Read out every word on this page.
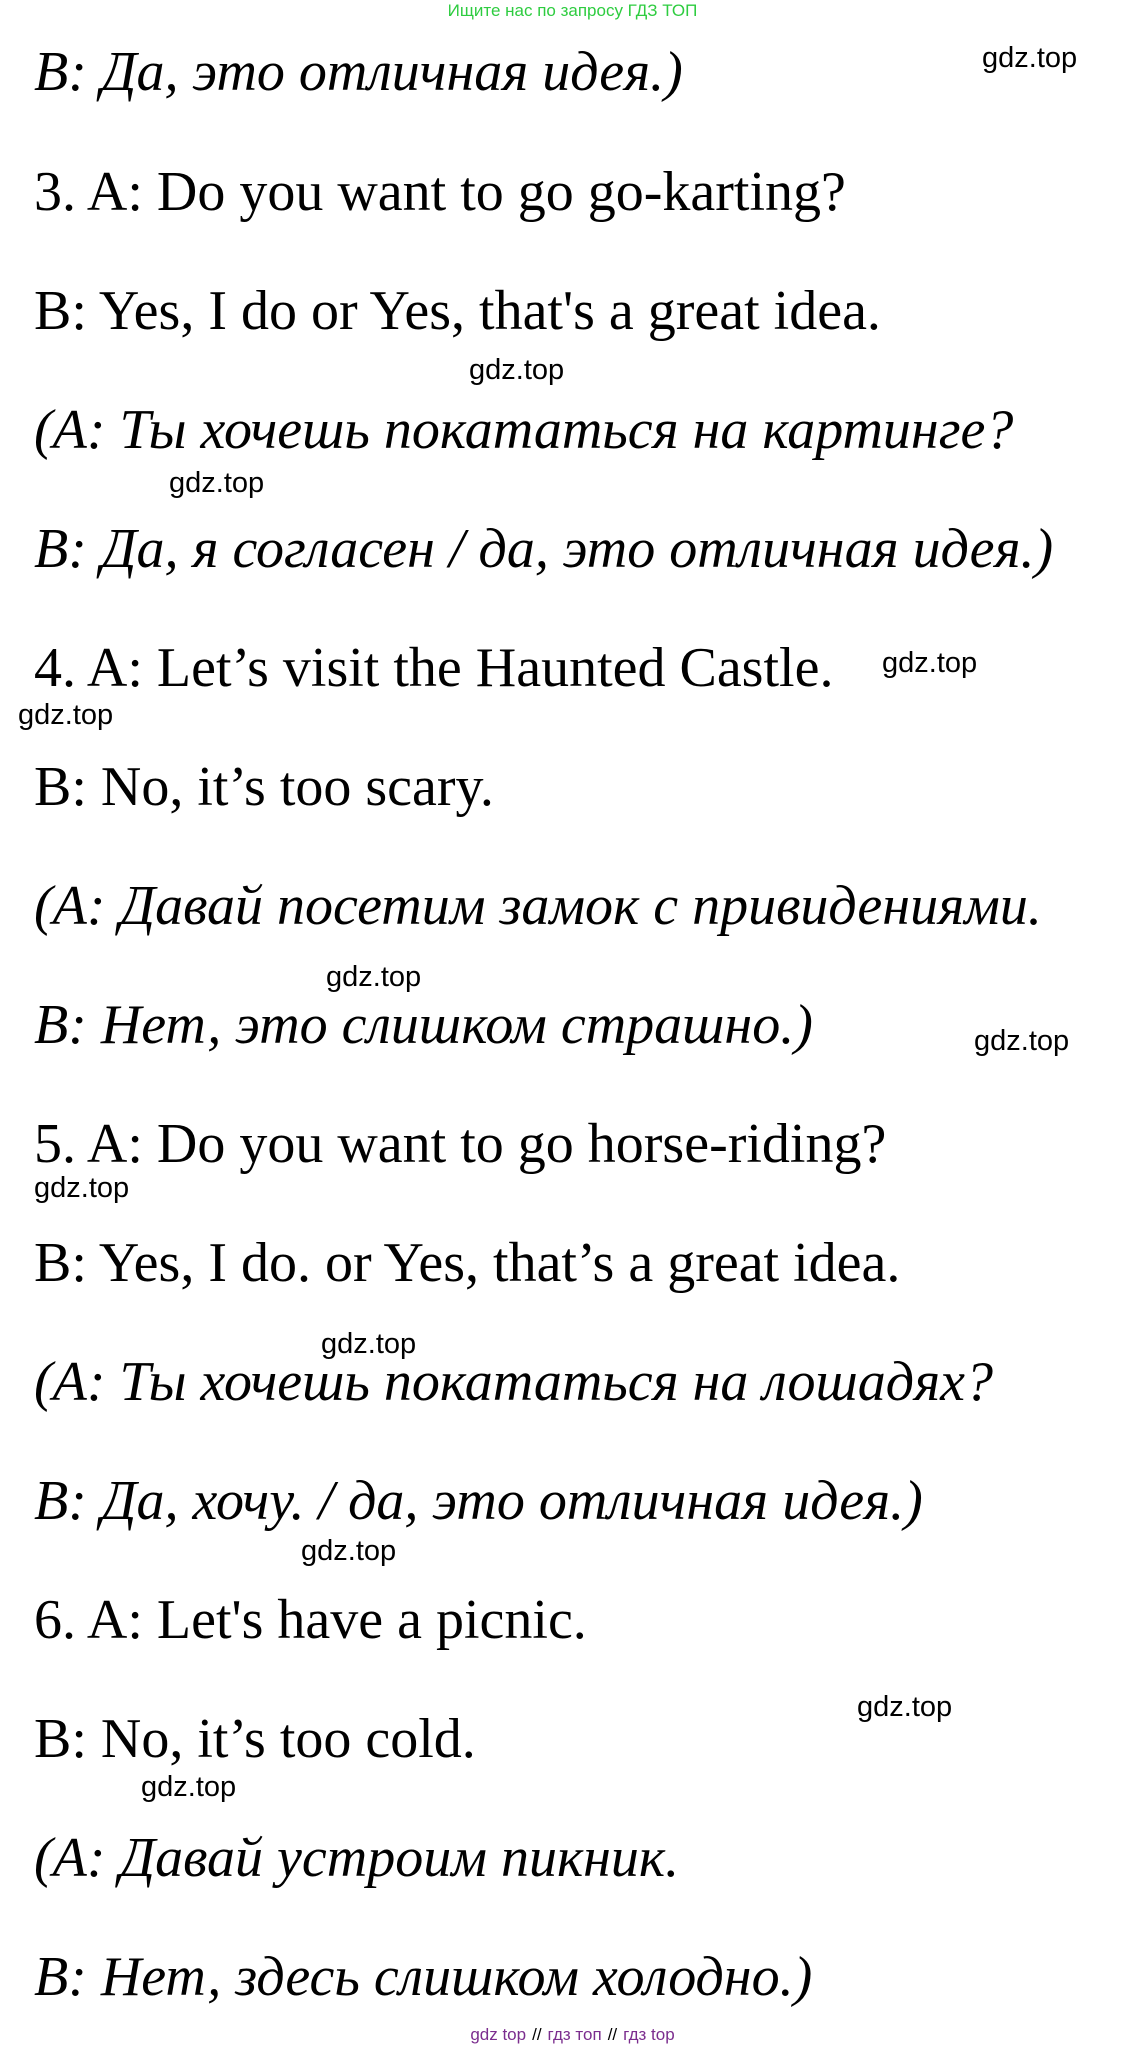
Ищите нас по запросу ГДЗ ТОП
B: Да, это отличная идея.)
3. A: Do you want to go go-karting?
B: Yes, I do or Yes, that's a great idea.
(A: Ты хочешь покататься на картинге?
B: Да, я согласен / да, это отличная идея.)
4. A: Let’s visit the Haunted Castle.
B: No, it’s too scary.
(A: Давай посетим замок с привидениями.
B: Нет, это слишком страшно.)
5. A: Do you want to go horse-riding?
B: Yes, I do. or Yes, that’s a great idea.
(A: Ты хочешь покататься на лошадях?
B: Да, хочу. / да, это отличная идея.)
6. A: Let's have a picnic.
B: No, it’s too cold.
(A: Давай устроим пикник.
B: Нет, здесь слишком холодно.)
gdz.top
gdz.top
gdz.top
gdz.top
gdz.top
gdz.top
gdz.top
gdz.top
gdz.top
gdz.top
gdz.top
gdz.top
gdz top // гдз топ // гдз top
